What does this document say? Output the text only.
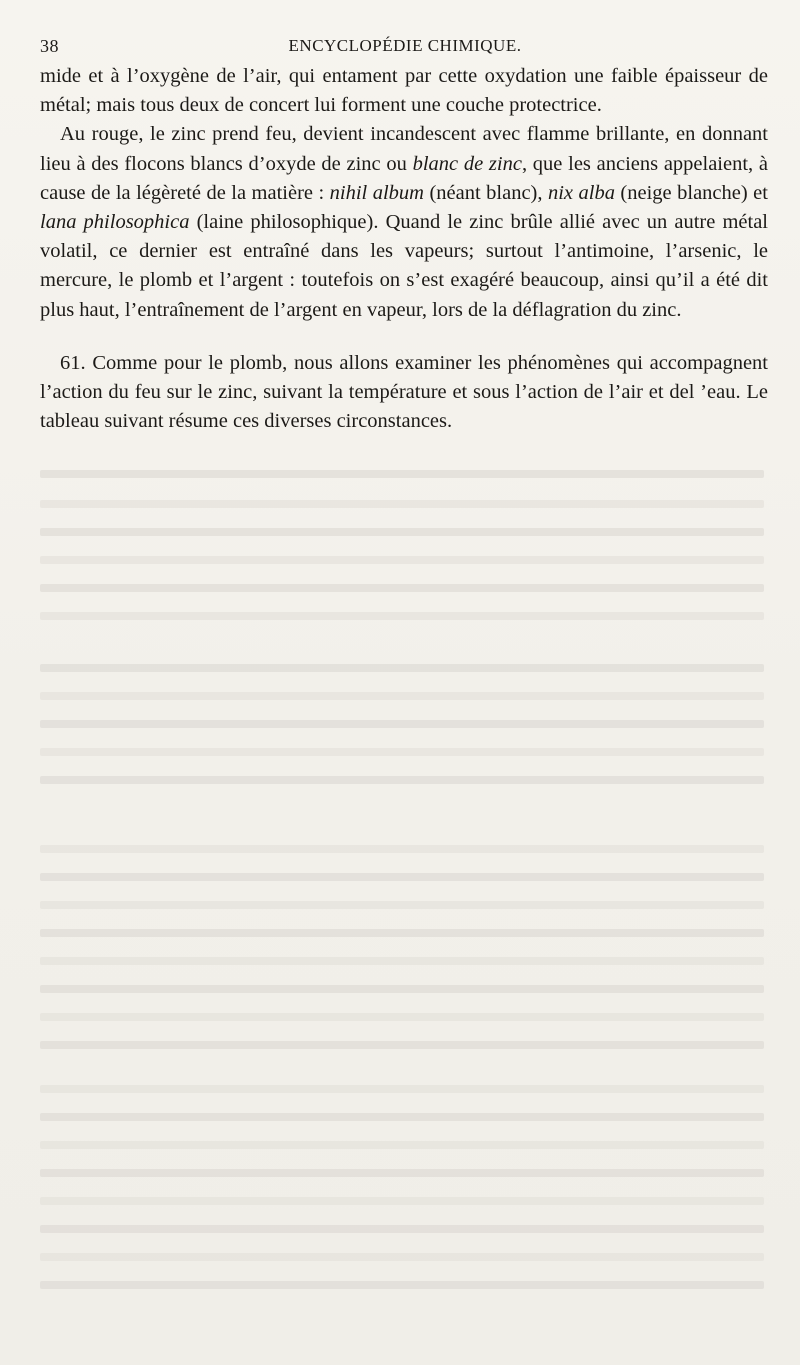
38	ENCYCLOPÉDIE CHIMIQUE.

mide et à l’oxygène de l’air, qui entament par cette oxydation une faible épaisseur de métal; mais tous deux de concert lui forment une couche protectrice.

Au rouge, le zinc prend feu, devient incandescent avec flamme brillante, en donnant lieu à des flocons blancs d’oxyde de zinc ou blanc de zinc, que les anciens appelaient, à cause de la légèreté de la matière : nihil album (néant blanc), nix alba (neige blanche) et lana philosophica (laine philosophique). Quand le zinc brûle allié avec un autre métal volatil, ce dernier est entraîné dans les vapeurs; surtout l’antimoine, l’arsenic, le mercure, le plomb et l’argent : toutefois on s’est exagéré beaucoup, ainsi qu’il a été dit plus haut, l’entraînement de l’argent en vapeur, lors de la déflagration du zinc.

61. Comme pour le plomb, nous allons examiner les phénomènes qui accompagnent l’action du feu sur le zinc, suivant la température et sous l’action de l’air et del ’eau. Le tableau suivant résume ces diverses circonstances.
